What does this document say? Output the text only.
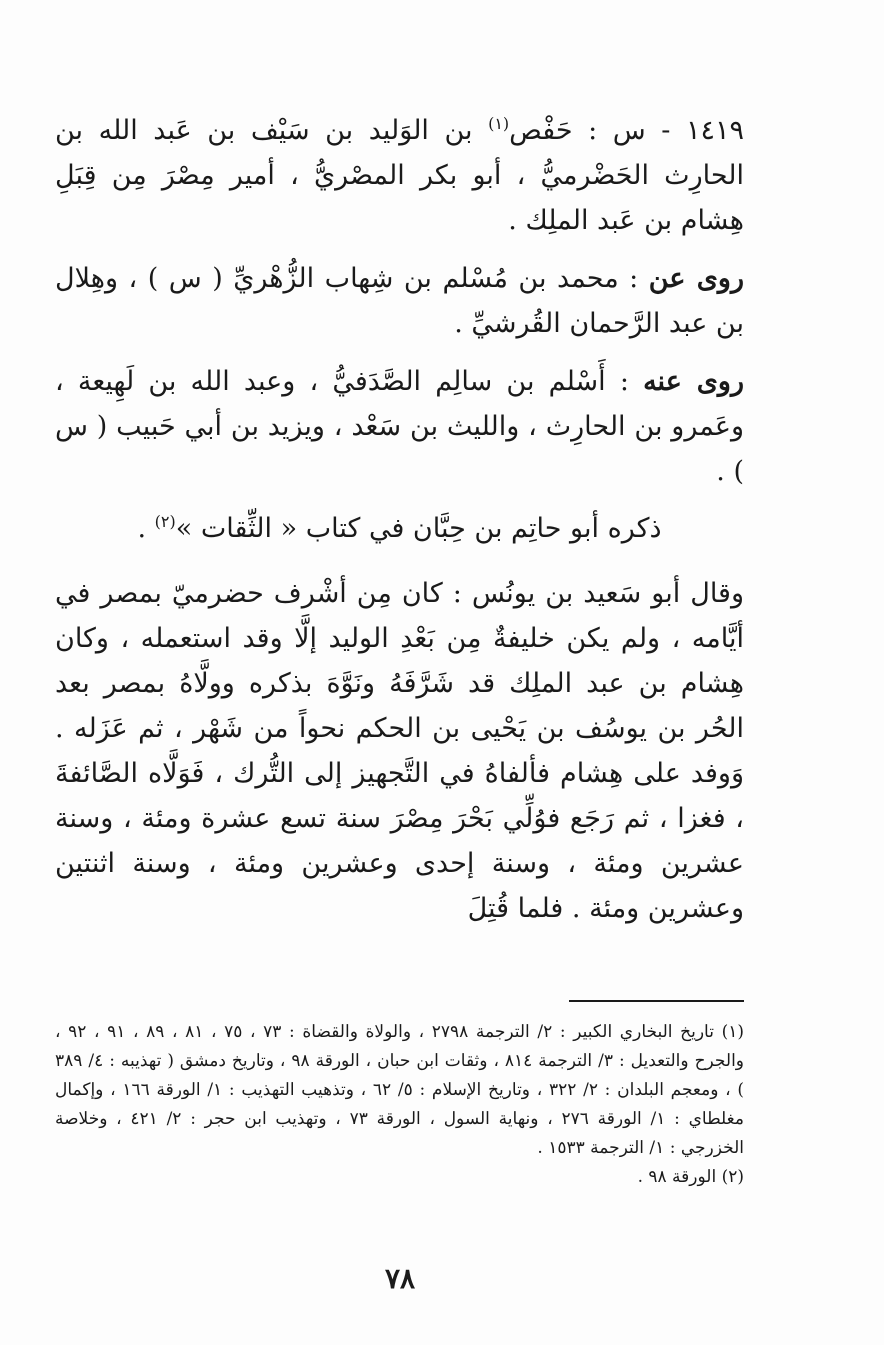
١٤١٩ - س : حَفْص$^{(١)}$ بن الوَليد بن سَيْف بن عَبد الله بن الحارِث الحَضْرميُّ ، أبو بكر المصْريُّ ، أمير مِصْرَ مِن قِبَلِ هِشام بن عَبد الملِك .

روى عن : محمد بن مُسْلم بن شِهاب الزُّهْريِّ ( س ) ، وهِلال بن عبد الرَّحمان القُرشيِّ .

روى عنه : أَسْلم بن سالِم الصَّدَفيُّ ، وعبد الله بن لَهِيعة ، وعَمرو بن الحارِث ، والليث بن سَعْد ، ويزيد بن أبي حَبيب ( س ) .

ذكره أبو حاتِم بن حِبَّان في كتاب « الثِّقات »$^{(٢)}$ .

وقال أبو سَعيد بن يونُس : كان مِن أشْرف حضرميّ بمصر في أيَّامه ، ولم يكن خليفةٌ مِن بَعْدِ الوليد إلَّا وقد استعمله ، وكان هِشام بن عبد الملِك قد شَرَّفَهُ ونَوَّهَ بذكره وولَّاهُ بمصر بعد الحُر بن يوسُف بن يَحْيى بن الحكم نحواً من شَهْر ، ثم عَزَله . وَوفد على هِشام فألفاهُ في التَّجهيز إلى التُّرك ، فَوَلَّاه الصَّائفةَ ، فغزا ، ثم رَجَع فوُلِّي بَحْرَ مِصْرَ سنة تسع عشرة ومئة ، وسنة عشرين ومئة ، وسنة إحدى وعشرين ومئة ، وسنة اثنتين وعشرين ومئة . فلما قُتِلَ

(١) تاريخ البخاري الكبير : ٢/ الترجمة ٢٧٩٨ ، والولاة والقضاة : ٧٣ ، ٧٥ ، ٨١ ، ٨٩ ، ٩١ ، ٩٢ ، والجرح والتعديل : ٣/ الترجمة ٨١٤ ، وثقات ابن حبان ، الورقة ٩٨ ، وتاريخ دمشق ( تهذيبه : ٤/ ٣٨٩ ) ، ومعجم البلدان : ٢/ ٣٢٢ ، وتاريخ الإسلام : ٥/ ٦٢ ، وتذهيب التهذيب : ١/ الورقة ١٦٦ ، وإكمال مغلطاي : ١/ الورقة ٢٧٦ ، ونهاية السول ، الورقة ٧٣ ، وتهذيب ابن حجر : ٢/ ٤٢١ ، وخلاصة الخزرجي : ١/ الترجمة ١٥٣٣ .

(٢) الورقة ٩٨ .

٧٨
